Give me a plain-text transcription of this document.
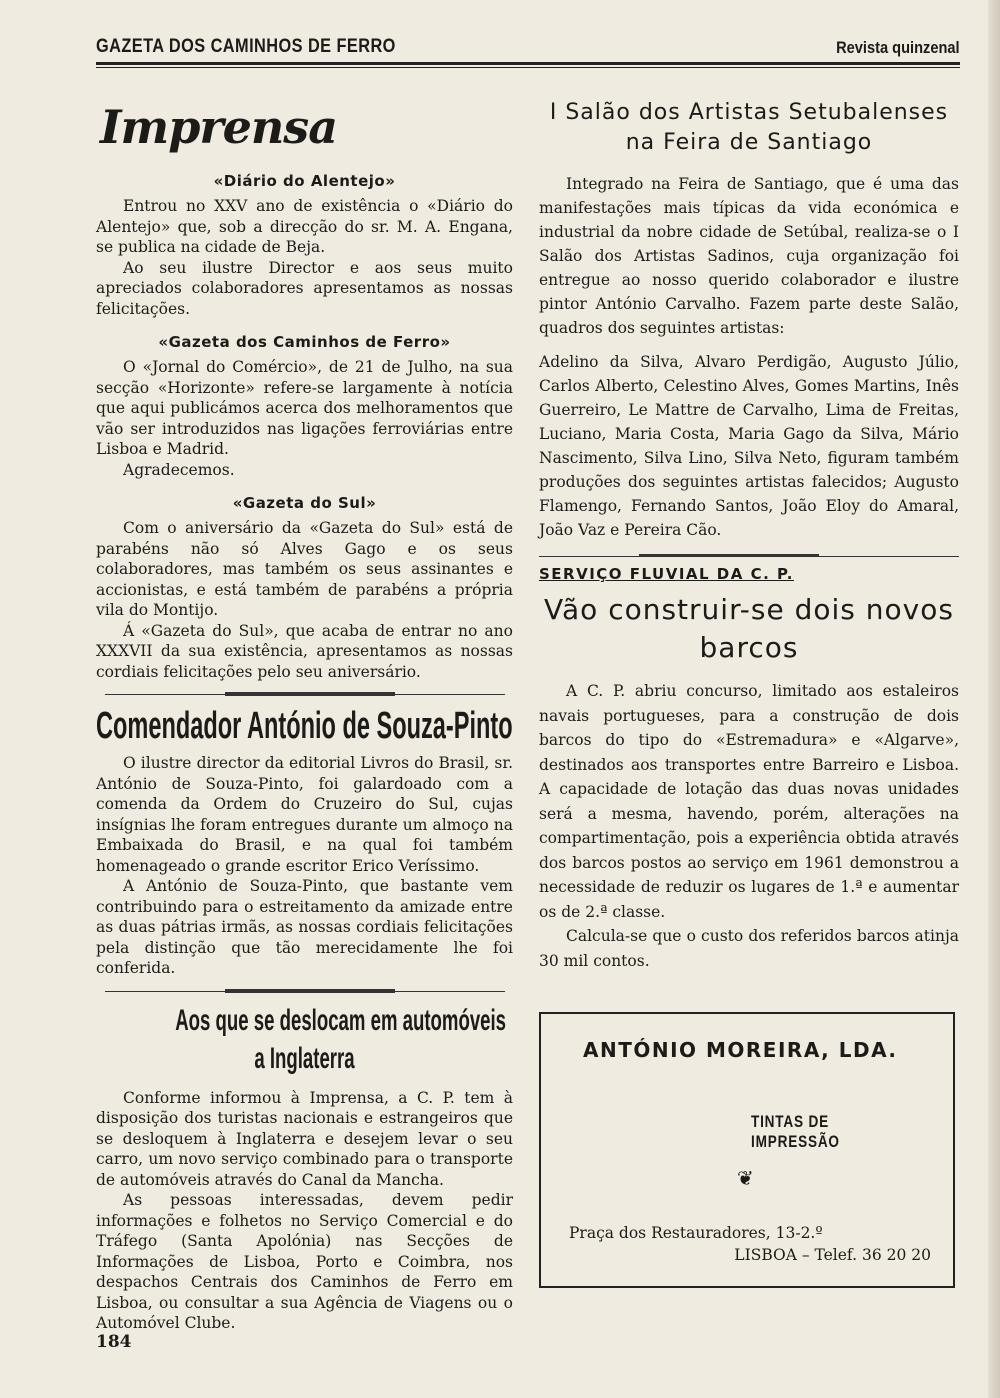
GAZETA DOS CAMINHOS DE FERRO	Revista quinzenal
Imprensa
«Diário do Alentejo»

Entrou no XXV ano de existência o «Diário do Alentejo» que, sob a direcção do sr. M. A. Engana, se publica na cidade de Beja.

Ao seu ilustre Director e aos seus muito apreciados colaboradores apresentamos as nossas felicitações.

«Gazeta dos Caminhos de Ferro»

O «Jornal do Comércio», de 21 de Julho, na sua secção «Horizonte» refere-se largamente à notícia que aqui publicámos acerca dos melhoramentos que vão ser introduzidos nas ligações ferroviárias entre Lisboa e Madrid.

Agradecemos.

«Gazeta do Sul»

Com o aniversário da «Gazeta do Sul» está de parabéns não só Alves Gago e os seus colaboradores, mas também os seus assinantes e accionistas, e está também de parabéns a própria vila do Montijo.

Á «Gazeta do Sul», que acaba de entrar no ano XXXVII da sua existência, apresentamos as nossas cordiais felicitações pelo seu aniversário.

Comendador António de Souza-Pinto

O ilustre director da editorial Livros do Brasil, sr. António de Souza-Pinto, foi galardoado com a comenda da Ordem do Cruzeiro do Sul, cujas insígnias lhe foram entregues durante um almoço na Embaixada do Brasil, e na qual foi também homenageado o grande escritor Erico Veríssimo.

A António de Souza-Pinto, que bastante vem contribuindo para o estreitamento da amizade entre as duas pátrias irmãs, as nossas cordiais felicitações pela distinção que tão merecidamente lhe foi conferida.

Aos que se deslocam em automóveis
a Inglaterra

Conforme informou à Imprensa, a C. P. tem à disposição dos turistas nacionais e estrangeiros que se desloquem à Inglaterra e desejem levar o seu carro, um novo serviço combinado para o transporte de automóveis através do Canal da Mancha.

As pessoas interessadas, devem pedir informações e folhetos no Serviço Comercial e do Tráfego (Santa Apolónia) nas Secções de Informações de Lisboa, Porto e Coimbra, nos despachos Centrais dos Caminhos de Ferro em Lisboa, ou consultar a sua Agência de Viagens ou o Automóvel Clube.

I Salão dos Artistas Setubalenses
na Feira de Santiago

Integrado na Feira de Santiago, que é uma das manifestações mais típicas da vida económica e industrial da nobre cidade de Setúbal, realiza-se o I Salão dos Artistas Sadinos, cuja organização foi entregue ao nosso querido colaborador e ilustre pintor António Carvalho. Fazem parte deste Salão, quadros dos seguintes artistas:

Adelino da Silva, Alvaro Perdigão, Augusto Júlio, Carlos Alberto, Celestino Alves, Gomes Martins, Inês Guerreiro, Le Mattre de Carvalho, Lima de Freitas, Luciano, Maria Costa, Maria Gago da Silva, Mário Nascimento, Silva Lino, Silva Neto, figuram também produções dos seguintes artistas falecidos; Augusto Flamengo, Fernando Santos, João Eloy do Amaral, João Vaz e Pereira Cão.

SERVIÇO FLUVIAL DA C. P.
Vão construir-se dois novos
barcos

A C. P. abriu concurso, limitado aos estaleiros navais portugueses, para a construção de dois barcos do tipo do «Estremadura» e «Algarve», destinados aos transportes entre Barreiro e Lisboa. A capacidade de lotação das duas novas unidades será a mesma, havendo, porém, alterações na compartimentação, pois a experiência obtida através dos barcos postos ao serviço em 1961 demonstrou a necessidade de reduzir os lugares de 1.ª e aumentar os de 2.ª classe.

Calcula-se que o custo dos referidos barcos atinja 30 mil contos.

ANTÓNIO MOREIRA, LDA.
TINTAS DE IMPRESSÃO
❦
Praça dos Restauradores, 13-2.º
LISBOA – Telef. 36 20 20
184
